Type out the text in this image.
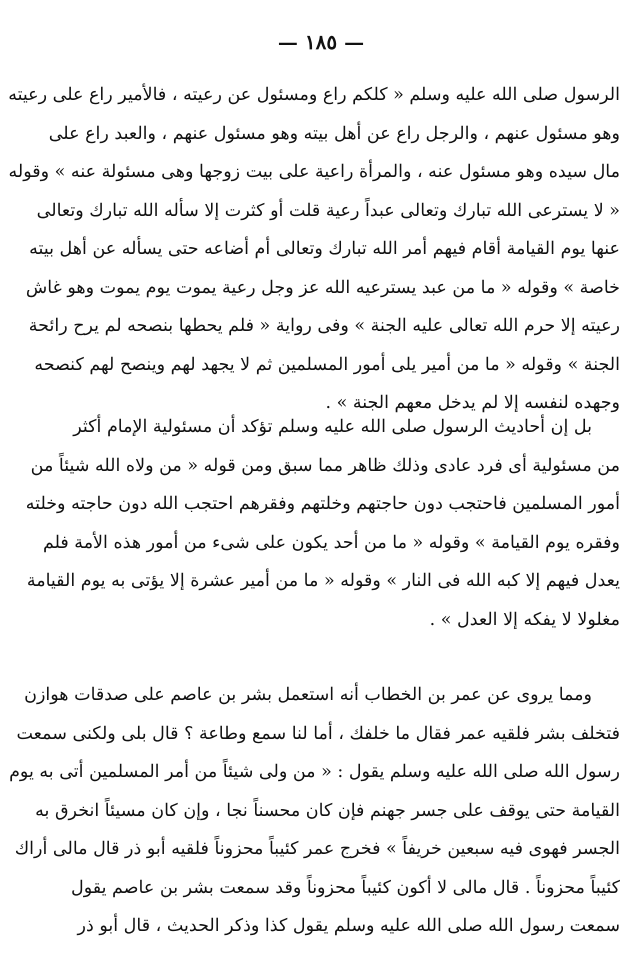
— ١٨٥ —
الرسول صلى الله عليه وسلم « كلكم راع ومسئول عن رعيته ، فالأمير راع على رعيته
وهو مسئول عنهم ، والرجل راع عن أهل بيته وهو مسئول عنهم ، والعبد راع على
مال سيده وهو مسئول عنه ، والمرأة راعية على بيت زوجها وهى مسئولة عنه » وقوله
« لا يسترعى الله تبارك وتعالى عبداً رعية قلت أو كثرت إلا سأله الله تبارك وتعالى
عنها يوم القيامة أقام فيهم أمر الله تبارك وتعالى أم أضاعه حتى يسأله عن أهل بيته
خاصة » وقوله « ما من عبد يسترعيه الله عز وجل رعية يموت يوم يموت وهو غاش
رعيته إلا حرم الله تعالى عليه الجنة » وفى رواية « فلم يحطها بنصحه لم يرح رائحة
الجنة » وقوله « ما من أمير يلى أمور المسلمين ثم لا يجهد لهم وينصح لهم كنصحه
وجهده لنفسه إلا لم يدخل معهم الجنة » .
بل إن أحاديث الرسول صلى الله عليه وسلم تؤكد أن مسئولية الإمام أكثر
من مسئولية أى فرد عادى وذلك ظاهر مما سبق ومن قوله « من ولاه الله شيئاً من
أمور المسلمين فاحتجب دون حاجتهم وخلتهم وفقرهم احتجب الله دون حاجته وخلته
وفقره يوم القيامة » وقوله « ما من أحد يكون على شىء من أمور هذه الأمة فلم
يعدل فيهم إلا كبه الله فى النار » وقوله « ما من أمير عشرة إلا يؤتى به يوم القيامة
مغلولا لا يفكه إلا العدل » .
ومما يروى عن عمر بن الخطاب أنه استعمل بشر بن عاصم على صدقات هوازن
فتخلف بشر فلقيه عمر فقال ما خلفك ، أما لنا سمع وطاعة ؟ قال بلى ولكنى سمعت
رسول الله صلى الله عليه وسلم يقول : « من ولى شيئاً من أمر المسلمين أتى به يوم
القيامة حتى يوقف على جسر جهنم فإن كان محسناً نجا ، وإن كان مسيئاً انخرق به
الجسر فهوى فيه سبعين خريفاً » فخرج عمر كئيباً محزوناً فلقيه أبو ذر قال مالى أراك
كئيباً محزوناً . قال مالى لا أكون كئيباً محزوناً وقد سمعت بشر بن عاصم يقول
سمعت رسول الله صلى الله عليه وسلم يقول كذا وذكر الحديث ، قال أبو ذر
